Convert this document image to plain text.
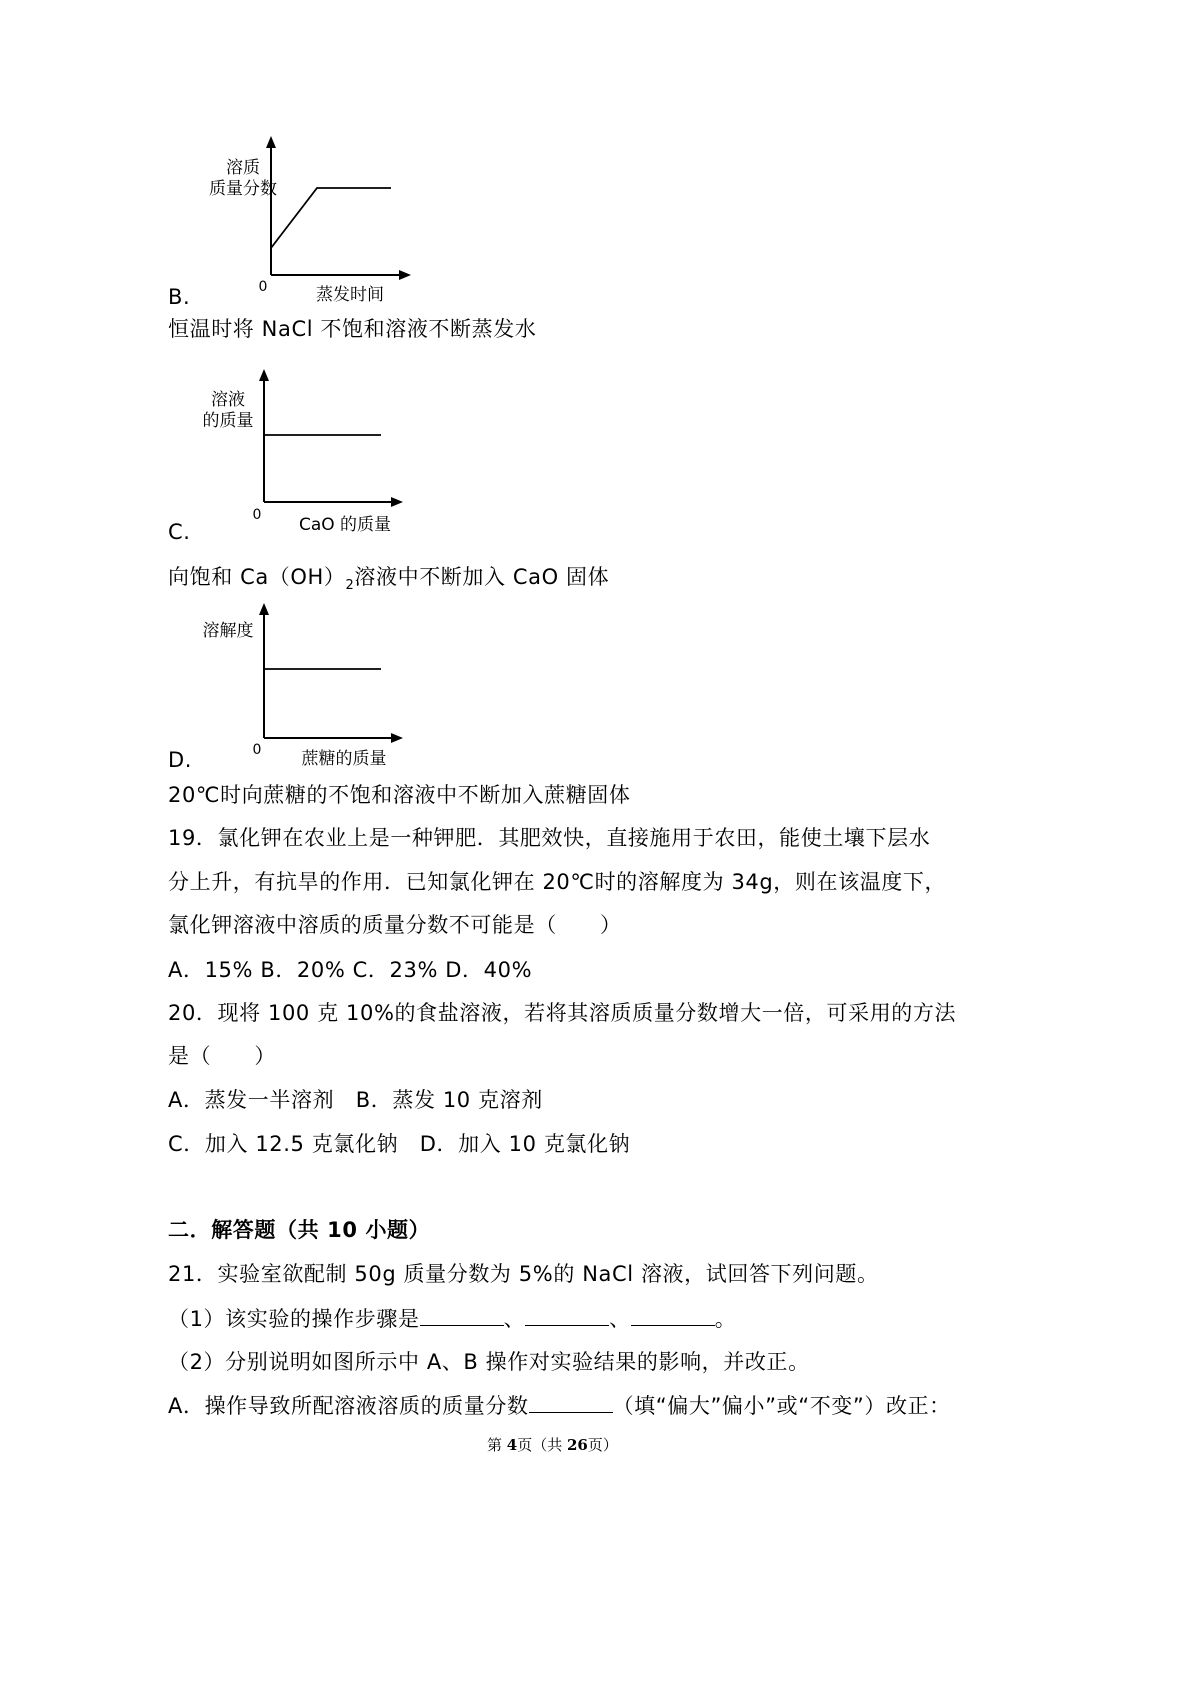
溶质
质量分数
0	蒸发时间
B.
恒温时将 NaCl 不饱和溶液不断蒸发水
溶液
的质量
0 CaO 的质量
C.
向饱和 $Ca(OH)_2$溶液中不断加入 CaO 固体
溶解度
0 蔗糖的质量
D.
20℃时向蔗糖的不饱和溶液中不断加入蔗糖固体
19．氯化钾在农业上是一种钾肥．其肥效快，直接施用于农田，能使土壤下层水
分上升，有抗旱的作用．已知氯化钾在 20℃时的溶解度为 34g，则在该温度下，
氯化钾溶液中溶质的质量分数不可能是（　　）
A．15% B．20% C．23% D．40%
20．现将 100 克 10%的食盐溶液，若将其溶质质量分数增大一倍，可采用的方法
是（　　）
A．蒸发一半溶剂　B．蒸发 10 克溶剂
C．加入 12.5 克氯化钠　D．加入 10 克氯化钠
二．解答题（共 10 小题）
21．实验室欲配制 50g 质量分数为 5%的 NaCl 溶液，试回答下列问题。
（1）该实验的操作步骤是	、	、	。
（2）分别说明如图所示中 A、B 操作对实验结果的影响，并改正。
A．操作导致所配溶液溶质的质量分数	（填“偏大”偏小”或“不变”）改正：
第 4页（共 26页）
